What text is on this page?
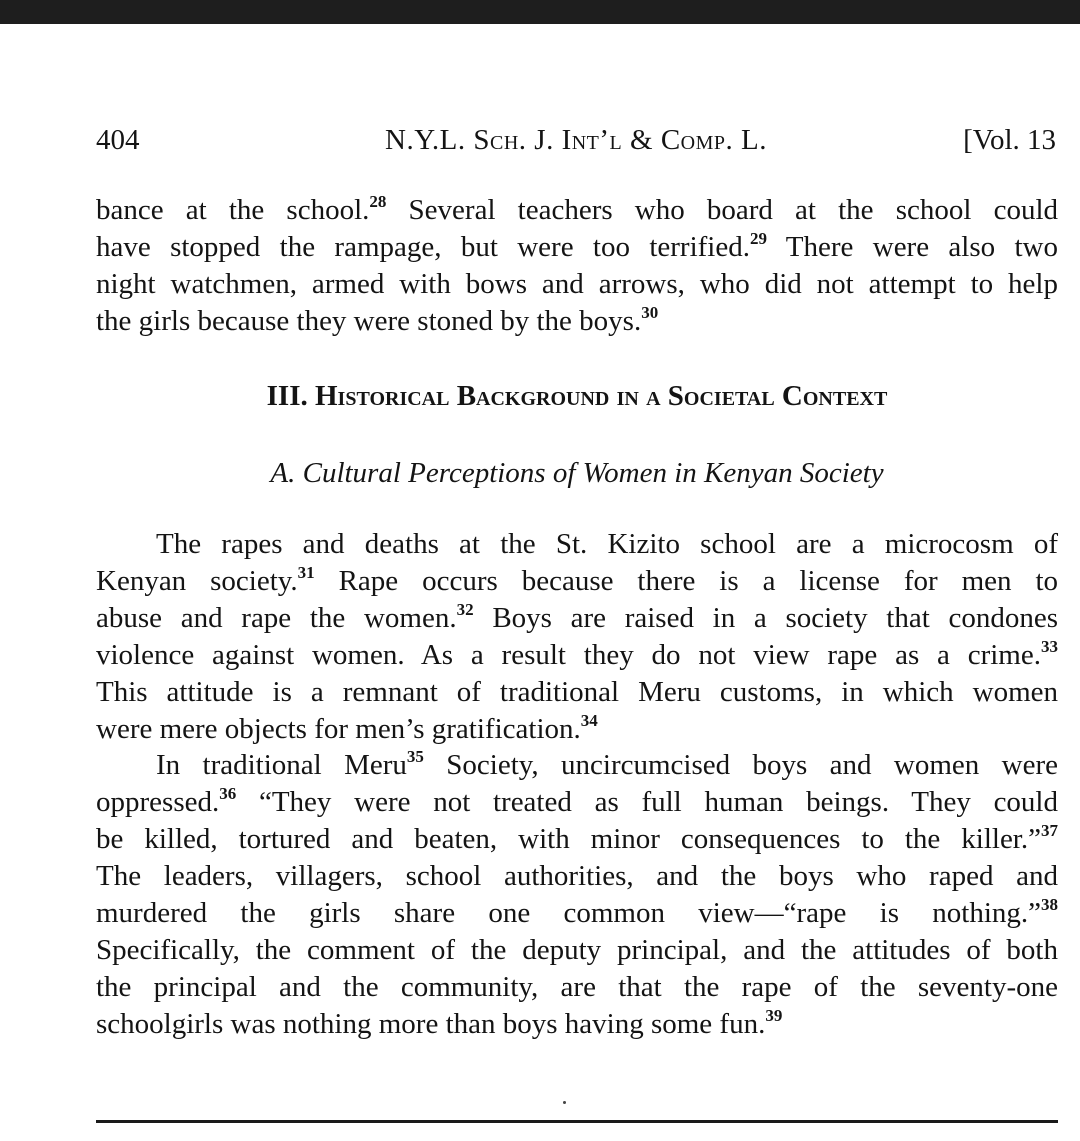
404	N.Y.L. Sch. J. Int’l & Comp. L.	[Vol. 13
bance at the school.$^{28}$ Several teachers who board at the school could
have stopped the rampage, but were too terrified.$^{29}$ There were also two
night watchmen, armed with bows and arrows, who did not attempt to help
the girls because they were stoned by the boys.$^{30}$
III. Historical Background in a Societal Context
A. Cultural Perceptions of Women in Kenyan Society
The rapes and deaths at the St. Kizito school are a microcosm of
Kenyan society.$^{31}$ Rape occurs because there is a license for men to
abuse and rape the women.$^{32}$ Boys are raised in a society that condones
violence against women. As a result they do not view rape as a crime.$^{33}$
This attitude is a remnant of traditional Meru customs, in which women
were mere objects for men’s gratification.$^{34}$
In traditional Meru$^{35}$ Society, uncircumcised boys and women were
oppressed.$^{36}$ “They were not treated as full human beings. They could
be killed, tortured and beaten, with minor consequences to the killer.”$^{37}$
The leaders, villagers, school authorities, and the boys who raped and
murdered the girls share one common view—“rape is nothing.”$^{38}$
Specifically, the comment of the deputy principal, and the attitudes of both
the principal and the community, are that the rape of the seventy-one
schoolgirls was nothing more than boys having some fun.$^{39}$
